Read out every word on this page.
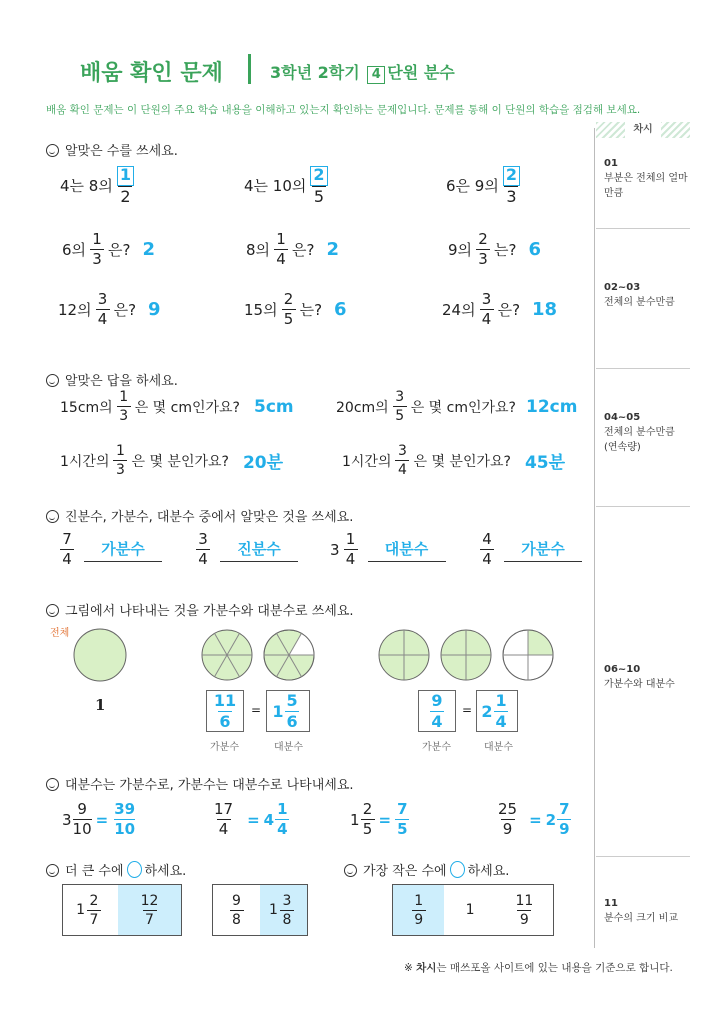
배움 확인 문제	3학년 2학기 4 단원 분수
배움 확인 문제는 이 단원의 주요 학습 내용을 이해하고 있는지 확인하는 문제입니다. 문제를 통해 이 단원의 학습을 점검해 보세요.
차시
01
부분은 전체의 얼마만큼
02~03
전체의 분수만큼
04~05
전체의 분수만큼 (연속량)
06~10
가분수와 대분수
11
분수의 크기 비교
알맞은 수를 쓰세요.
4는 8의 $\frac{1}{2}$	4는 10의 $\frac{2}{5}$	6은 9의 $\frac{2}{3}$
6의 $\frac{1}{3}$ 은? 2	8의 $\frac{1}{4}$ 은? 2	9의 $\frac{2}{3}$ 는? 6
12의 $\frac{3}{4}$ 은? 9	15의 $\frac{2}{5}$ 는? 6	24의 $\frac{3}{4}$ 은? 18
알맞은 답을 하세요.
15cm의 $\frac{1}{3}$ 은 몇 cm인가요? 5cm	20cm의 $\frac{3}{5}$ 은 몇 cm인가요? 12cm
1시간의 $\frac{1}{3}$ 은 몇 분인가요? 20분	1시간의 $\frac{3}{4}$ 은 몇 분인가요? 45분
진분수, 가분수, 대분수 중에서 알맞은 것을 쓰세요.
$\frac{7}{4}$	가분수	$\frac{3}{4}$	진분수	$3 \frac{1}{4}$	대분수	$\frac{4}{4}$	가분수
그림에서 나타내는 것을 가분수와 대분수로 쓰세요.
전체
1	$\frac{11}{6} = 1 \frac{5}{6}$
가분수	대분수
$\frac{9}{4} = 2 \frac{1}{4}$
가분수	대분수
대분수는 가분수로, 가분수는 대분수로 나타내세요.
$3 \frac{9}{10} = \frac{39}{10}$	$\frac{17}{4} = 4 \frac{1}{4}$	$1 \frac{2}{5} = \frac{7}{5}$	$\frac{25}{9} = 2 \frac{7}{9}$
더 큰 수에 ○ 하세요.
$1 \frac{2}{7}$	$\frac{12}{7}$	$\frac{9}{8} 1 \frac{3}{8}$
가장 작은 수에 ○ 하세요.
$\frac{1}{9}$	1	$\frac{11}{9}$
※ 차시는 매쓰포올 사이트에 있는 내용을 기준으로 합니다.
